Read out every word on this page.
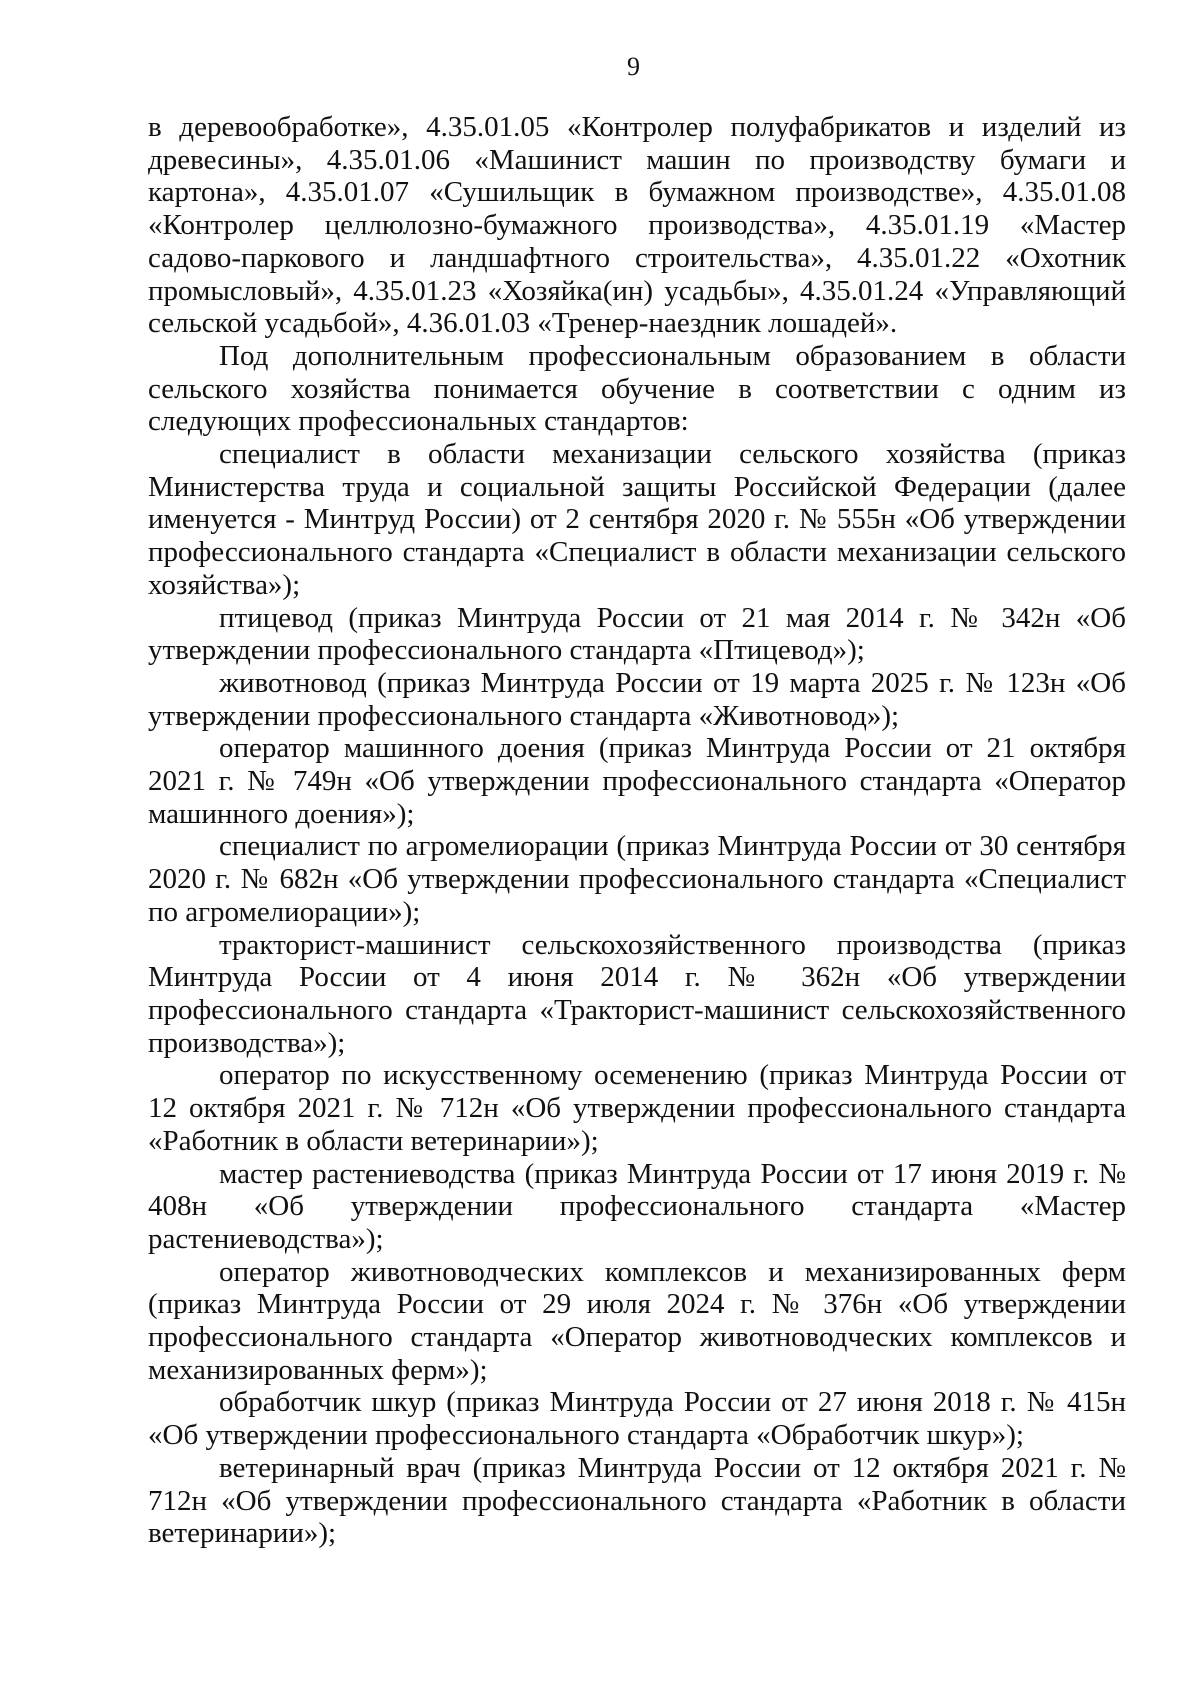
9

в деревообработке», 4.35.01.05 «Контролер полуфабрикатов и изделий из древесины», 4.35.01.06 «Машинист машин по производству бумаги и картона», 4.35.01.07 «Сушильщик в бумажном производстве», 4.35.01.08 «Контролер целлюлозно-бумажного производства», 4.35.01.19 «Мастер садово-паркового и ландшафтного строительства», 4.35.01.22 «Охотник промысловый», 4.35.01.23 «Хозяйка(ин) усадьбы», 4.35.01.24 «Управляющий сельской усадьбой», 4.36.01.03 «Тренер-наездник лошадей».

Под дополнительным профессиональным образованием в области сельского хозяйства понимается обучение в соответствии с одним из следующих профессиональных стандартов:

специалист в области механизации сельского хозяйства (приказ Министерства труда и социальной защиты Российской Федерации (далее именуется - Минтруд России) от 2 сентября 2020 г. № 555н «Об утверждении профессионального стандарта «Специалист в области механизации сельского хозяйства»);

птицевод (приказ Минтруда России от 21 мая 2014 г. № 342н «Об утверждении профессионального стандарта «Птицевод»);

животновод (приказ Минтруда России от 19 марта 2025 г. № 123н «Об утверждении профессионального стандарта «Животновод»);

оператор машинного доения (приказ Минтруда России от 21 октября 2021 г. № 749н «Об утверждении профессионального стандарта «Оператор машинного доения»);

специалист по агромелиорации (приказ Минтруда России от 30 сентября 2020 г. № 682н «Об утверждении профессионального стандарта «Специалист по агромелиорации»);

тракторист-машинист сельскохозяйственного производства (приказ Минтруда России от 4 июня 2014 г. № 362н «Об утверждении профессионального стандарта «Тракторист-машинист сельскохозяйственного производства»);

оператор по искусственному осеменению (приказ Минтруда России от 12 октября 2021 г. № 712н «Об утверждении профессионального стандарта «Работник в области ветеринарии»);

мастер растениеводства (приказ Минтруда России от 17 июня 2019 г. № 408н «Об утверждении профессионального стандарта «Мастер растениеводства»);

оператор животноводческих комплексов и механизированных ферм (приказ Минтруда России от 29 июля 2024 г. № 376н «Об утверждении профессионального стандарта «Оператор животноводческих комплексов и механизированных ферм»);

обработчик шкур (приказ Минтруда России от 27 июня 2018 г. № 415н «Об утверждении профессионального стандарта «Обработчик шкур»);

ветеринарный врач (приказ Минтруда России от 12 октября 2021 г. № 712н «Об утверждении профессионального стандарта «Работник в области ветеринарии»);
